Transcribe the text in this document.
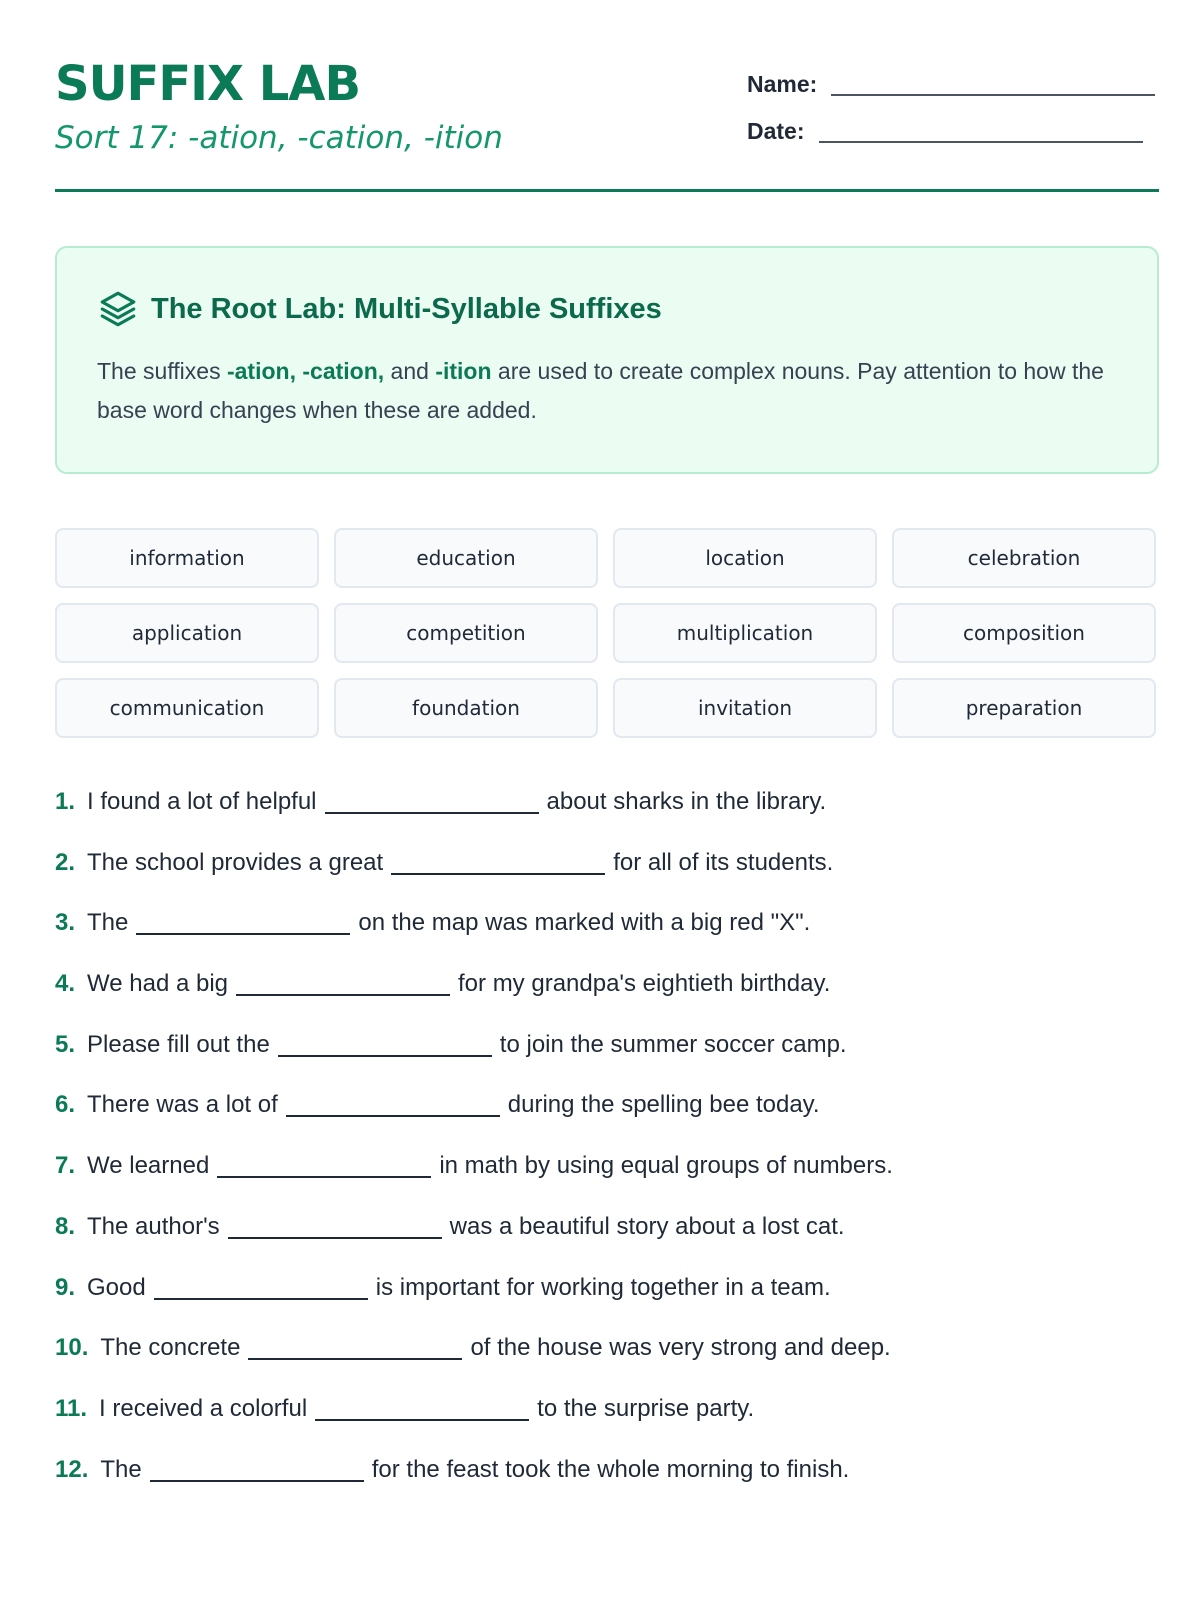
SUFFIX LAB
Sort 17: -ation, -cation, -ition
Name:
Date:
The Root Lab: Multi-Syllable Suffixes
The suffixes -ation, -cation, and -ition are used to create complex nouns. Pay attention to how the base word changes when these are added.
information	education	location	celebration
application	competition	multiplication	composition
communication	foundation	invitation	preparation
1. I found a lot of helpful	about sharks in the library.
2. The school provides a great	for all of its students.
3. The	on the map was marked with a big red "X".
4. We had a big	for my grandpa's eightieth birthday.
5. Please fill out the	to join the summer soccer camp.
6. There was a lot of	during the spelling bee today.
7. We learned	in math by using equal groups of numbers.
8. The author's	was a beautiful story about a lost cat.
9. Good	is important for working together in a team.
10. The concrete	of the house was very strong and deep.
11. I received a colorful	to the surprise party.
12. The	for the feast took the whole morning to finish.
